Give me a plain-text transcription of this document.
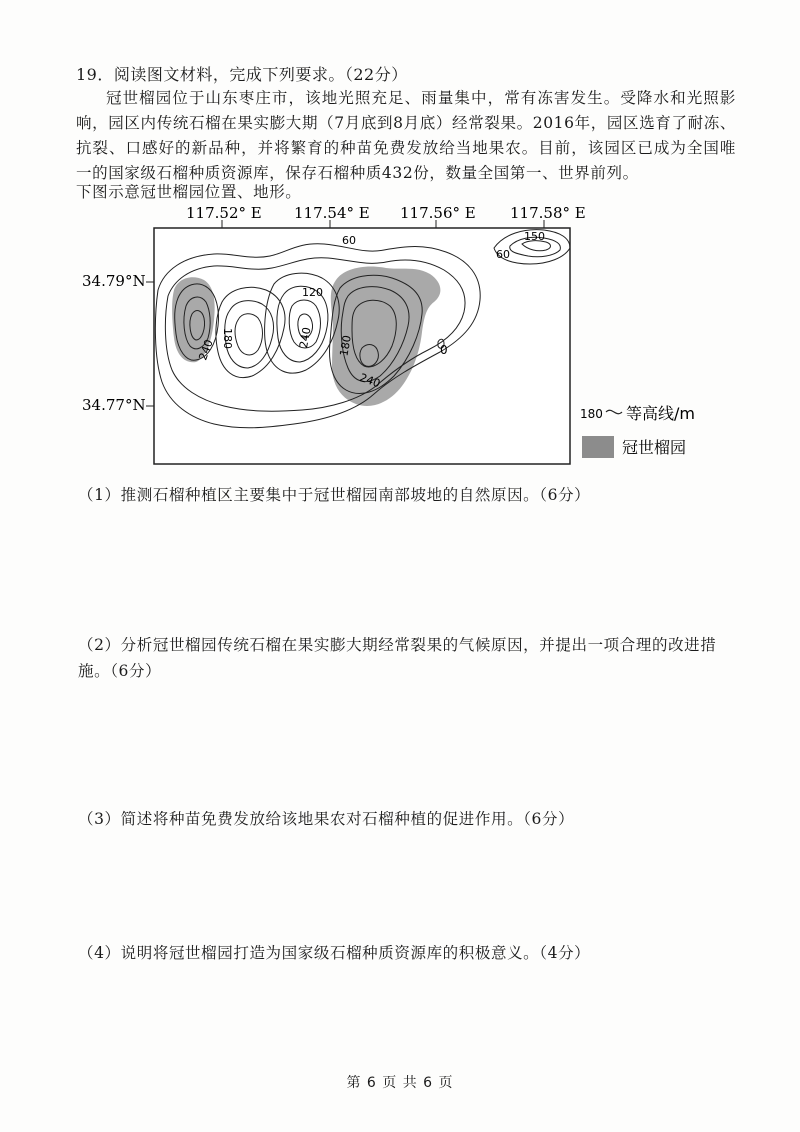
19．阅读图文材料，完成下列要求。（22分）
冠世榴园位于山东枣庄市，该地光照充足、雨量集中，常有冻害发生。受降水和光照影响，园区内传统石榴在果实膨大期（7月底到8月底）经常裂果。2016年，园区选育了耐冻、抗裂、口感好的新品种，并将繁育的种苗免费发放给当地果农。目前，该园区已成为全国唯一的国家级石榴种质资源库，保存石榴种质432份，数量全国第一、世界前列。
下图示意冠世榴园位置、地形。
117.52° E 117.54° E 117.56° E 117.58° E
34.79°N
34.77°N
60	150
60
120
180
240
240 180
240
0
180 等高线/m
冠世榴园
（1）推测石榴种植区主要集中于冠世榴园南部坡地的自然原因。（6分）
（2）分析冠世榴园传统石榴在果实膨大期经常裂果的气候原因，并提出一项合理的改进措施。（6分）
（3）简述将种苗免费发放给该地果农对石榴种植的促进作用。（6分）
（4）说明将冠世榴园打造为国家级石榴种质资源库的积极意义。（4分）
第 6 页 共 6 页
